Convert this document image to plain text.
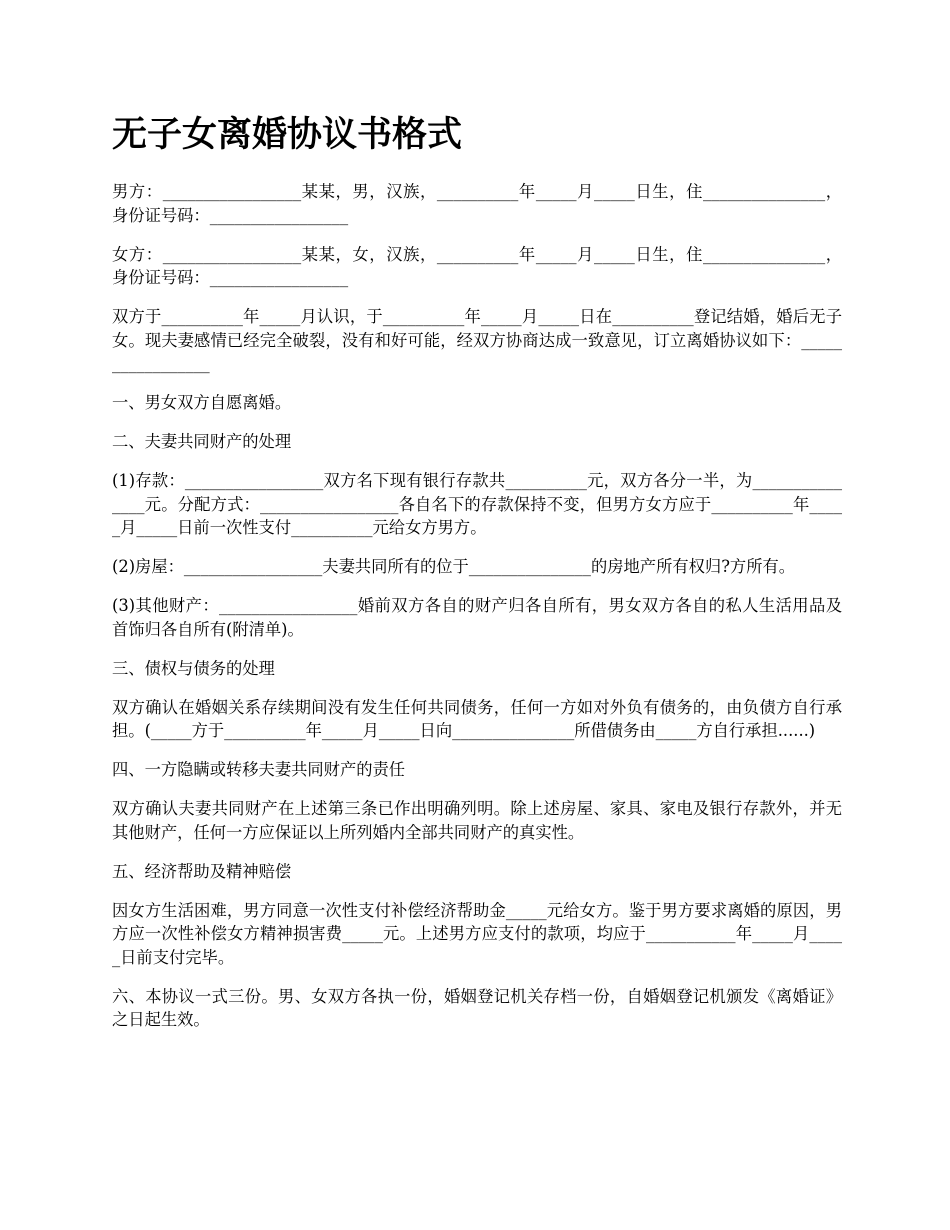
无子女离婚协议书格式

男方：_________________某某，男，汉族，__________年_____月_____日生，住_______________，身份证号码：_________________

女方：_________________某某，女，汉族，__________年_____月_____日生，住_______________，身份证号码：_________________

双方于__________年_____月认识，于__________年_____月_____日在__________登记结婚，婚后无子女。现夫妻感情已经完全破裂，没有和好可能，经双方协商达成一致意见，订立离婚协议如下：_________________

一、男女双方自愿离婚。

二、夫妻共同财产的处理

(1)存款：_________________双方名下现有银行存款共__________元，双方各分一半，为_______________元。分配方式：_________________各自名下的存款保持不变，但男方女方应于__________年_____月_____日前一次性支付__________元给女方男方。

(2)房屋：_________________夫妻共同所有的位于_______________的房地产所有权归?方所有。

(3)其他财产：_________________婚前双方各自的财产归各自所有，男女双方各自的私人生活用品及首饰归各自所有(附清单)。

三、债权与债务的处理

双方确认在婚姻关系存续期间没有发生任何共同债务，任何一方如对外负有债务的，由负债方自行承担。(_____方于__________年_____月_____日向_______________所借债务由_____方自行承担......)

四、一方隐瞒或转移夫妻共同财产的责任

双方确认夫妻共同财产在上述第三条已作出明确列明。除上述房屋、家具、家电及银行存款外，并无其他财产，任何一方应保证以上所列婚内全部共同财产的真实性。

五、经济帮助及精神赔偿

因女方生活困难，男方同意一次性支付补偿经济帮助金_____元给女方。鉴于男方要求离婚的原因，男方应一次性补偿女方精神损害费_____元。上述男方应支付的款项，均应于___________年_____月_____日前支付完毕。

六、本协议一式三份。男、女双方各执一份，婚姻登记机关存档一份，自婚姻登记机颁发《离婚证》之日起生效。
